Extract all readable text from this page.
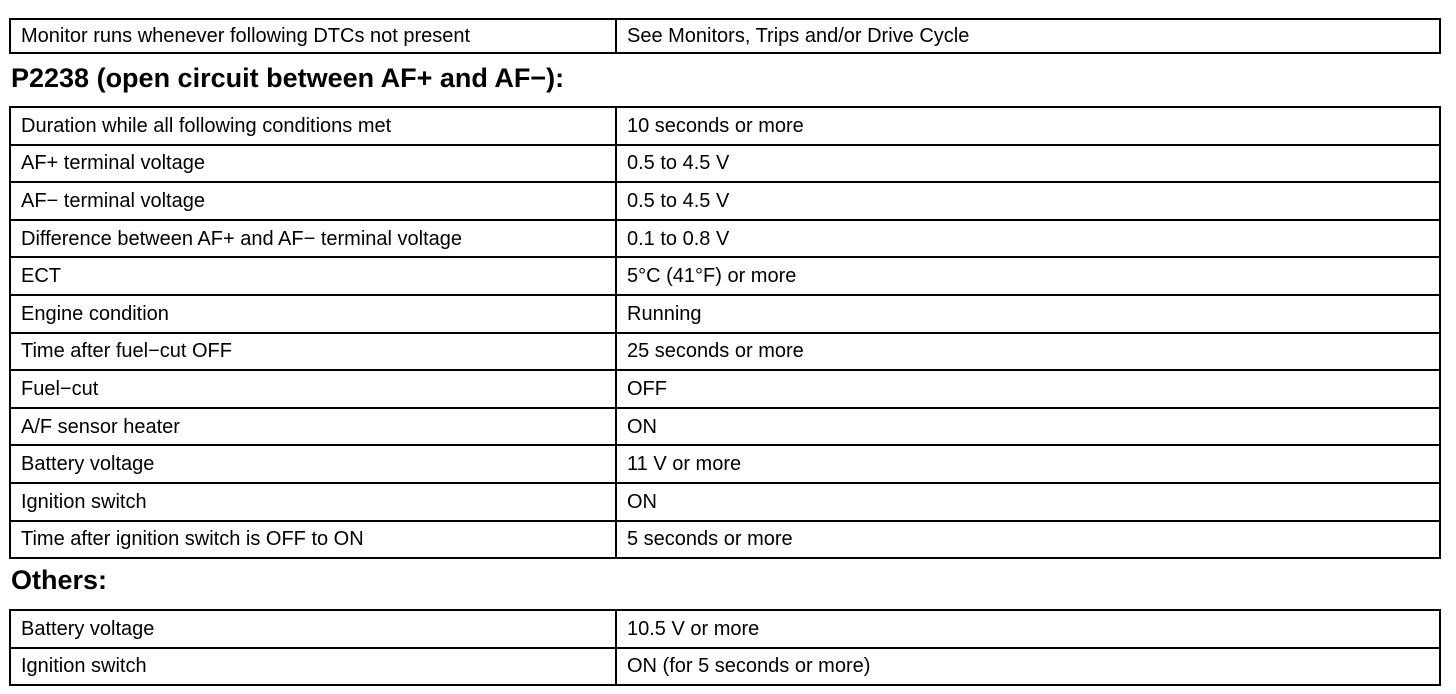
Monitor runs whenever following DTCs not present	See Monitors, Trips and/or Drive Cycle
P2238 (open circuit between AF+ and AF−):
Duration while all following conditions met	10 seconds or more
AF+ terminal voltage	0.5 to 4.5 V
AF− terminal voltage	0.5 to 4.5 V
Difference between AF+ and AF− terminal voltage	0.1 to 0.8 V
ECT	5°C (41°F) or more
Engine condition	Running
Time after fuel−cut OFF	25 seconds or more
Fuel−cut	OFF
A/F sensor heater	ON
Battery voltage	11 V or more
Ignition switch	ON
Time after ignition switch is OFF to ON	5 seconds or more
Others:
Battery voltage	10.5 V or more
Ignition switch	ON (for 5 seconds or more)
